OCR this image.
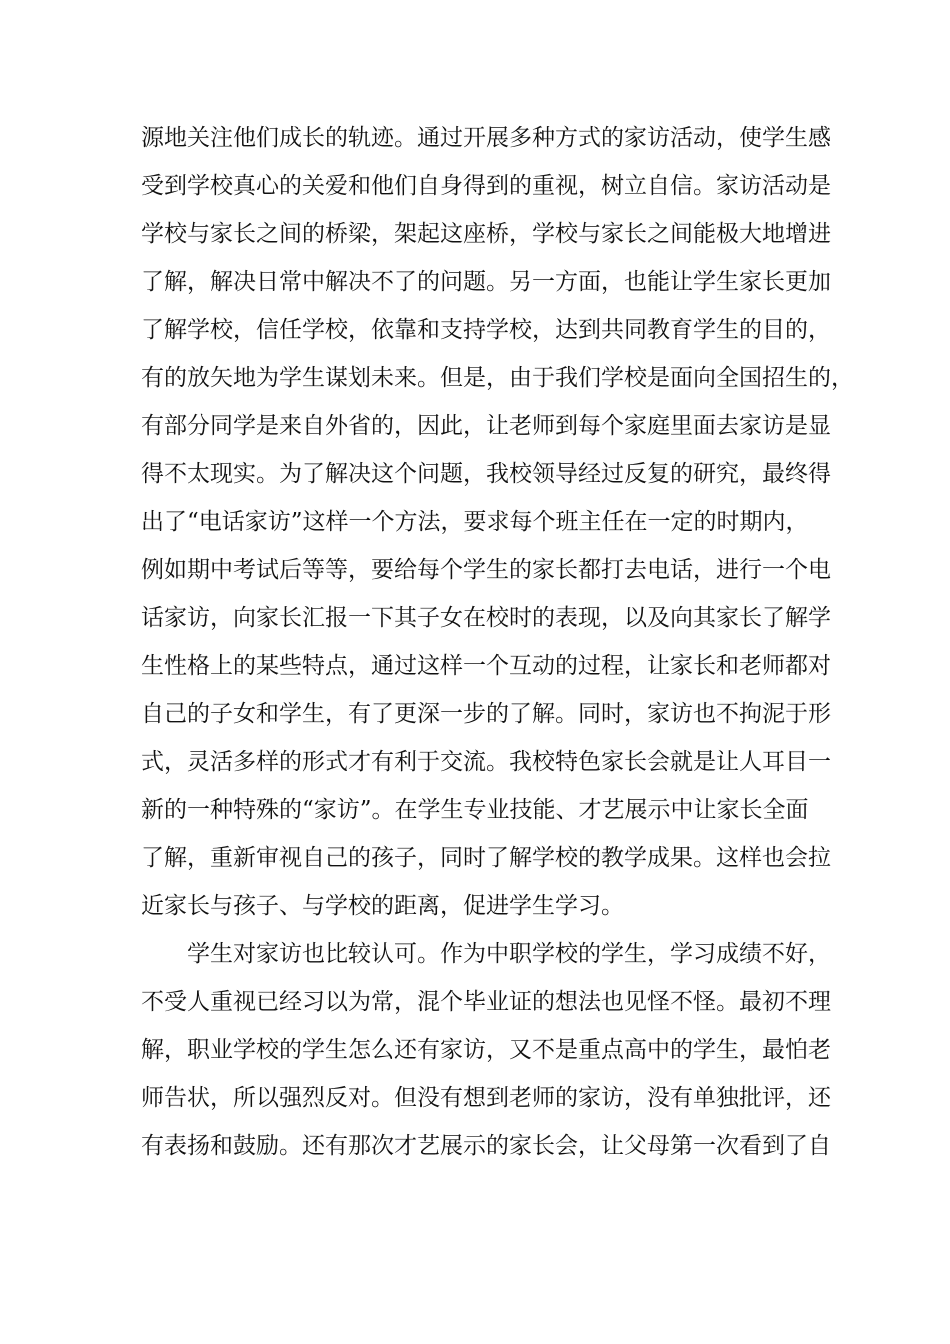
源地关注他们成长的轨迹。通过开展多种方式的家访活动，使学生感
受到学校真心的关爱和他们自身得到的重视，树立自信。家访活动是
学校与家长之间的桥梁，架起这座桥，学校与家长之间能极大地增进
了解，解决日常中解决不了的问题。另一方面，也能让学生家长更加
了解学校，信任学校，依靠和支持学校，达到共同教育学生的目的，
有的放矢地为学生谋划未来。但是，由于我们学校是面向全国招生的，
有部分同学是来自外省的，因此，让老师到每个家庭里面去家访是显
得不太现实。为了解决这个问题，我校领导经过反复的研究，最终得
出了“电话家访”这样一个方法，要求每个班主任在一定的时期内，
例如期中考试后等等，要给每个学生的家长都打去电话，进行一个电
话家访，向家长汇报一下其子女在校时的表现，以及向其家长了解学
生性格上的某些特点，通过这样一个互动的过程，让家长和老师都对
自己的子女和学生，有了更深一步的了解。同时，家访也不拘泥于形
式，灵活多样的形式才有利于交流。我校特色家长会就是让人耳目一
新的一种特殊的“家访”。在学生专业技能、才艺展示中让家长全面
了解，重新审视自己的孩子，同时了解学校的教学成果。这样也会拉
近家长与孩子、与学校的距离，促进学生学习。
学生对家访也比较认可。作为中职学校的学生，学习成绩不好，
不受人重视已经习以为常，混个毕业证的想法也见怪不怪。最初不理
解，职业学校的学生怎么还有家访，又不是重点高中的学生，最怕老
师告状，所以强烈反对。但没有想到老师的家访，没有单独批评，还
有表扬和鼓励。还有那次才艺展示的家长会，让父母第一次看到了自
